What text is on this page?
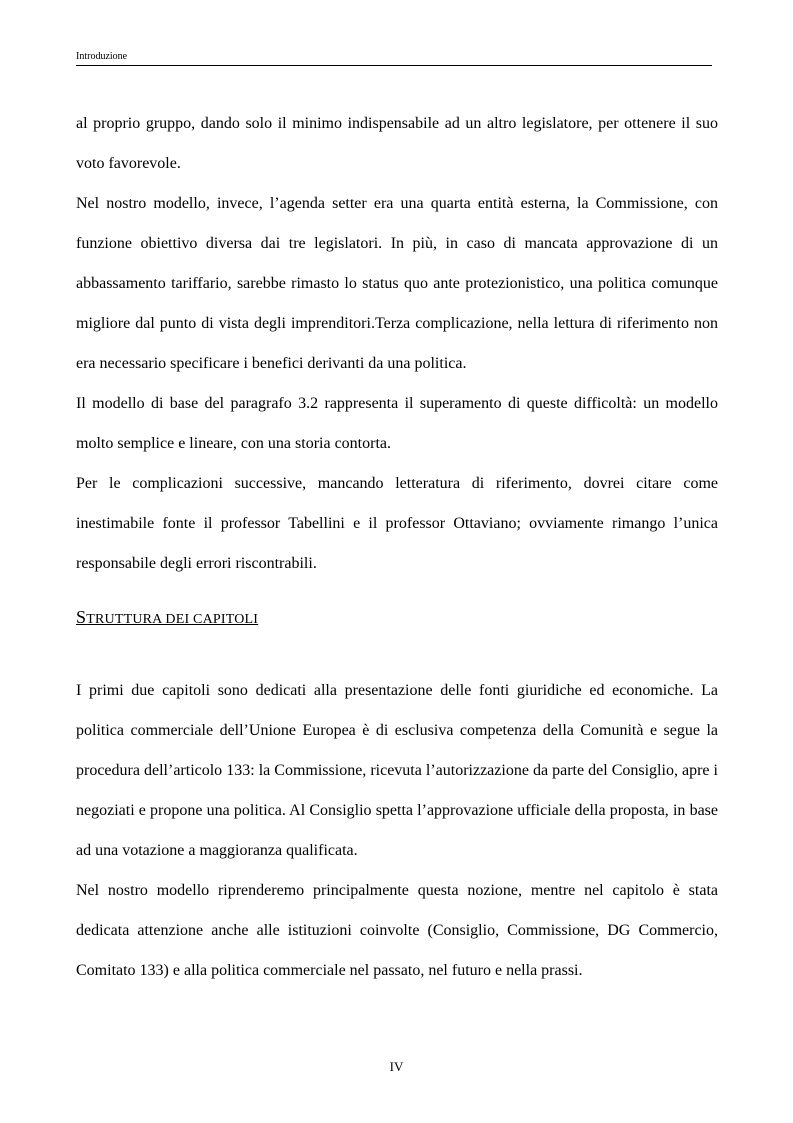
Introduzione

al proprio gruppo, dando solo il minimo indispensabile ad un altro legislatore, per ottenere il suo voto favorevole.

Nel nostro modello, invece, l’agenda setter era una quarta entità esterna, la Commissione, con funzione obiettivo diversa dai tre legislatori. In più, in caso di mancata approvazione di un abbassamento tariffario, sarebbe rimasto lo status quo ante protezionistico, una politica comunque migliore dal punto di vista degli imprenditori.Terza complicazione, nella lettura di riferimento non era necessario specificare i benefici derivanti da una politica.

Il modello di base del paragrafo 3.2 rappresenta il superamento di queste difficoltà: un modello molto semplice e lineare, con una storia contorta.

Per le complicazioni successive, mancando letteratura di riferimento, dovrei citare come inestimabile fonte il professor Tabellini e il professor Ottaviano; ovviamente rimango l’unica responsabile degli errori riscontrabili.

STRUTTURA DEI CAPITOLI

I primi due capitoli sono dedicati alla presentazione delle fonti giuridiche ed economiche. La politica commerciale dell’Unione Europea è di esclusiva competenza della Comunità e segue la procedura dell’articolo 133: la Commissione, ricevuta l’autorizzazione da parte del Consiglio, apre i negoziati e propone una politica. Al Consiglio spetta l’approvazione ufficiale della proposta, in base ad una votazione a maggioranza qualificata.

Nel nostro modello riprenderemo principalmente questa nozione, mentre nel capitolo è stata dedicata attenzione anche alle istituzioni coinvolte (Consiglio, Commissione, DG Commercio, Comitato 133) e alla politica commerciale nel passato, nel futuro e nella prassi.

IV
